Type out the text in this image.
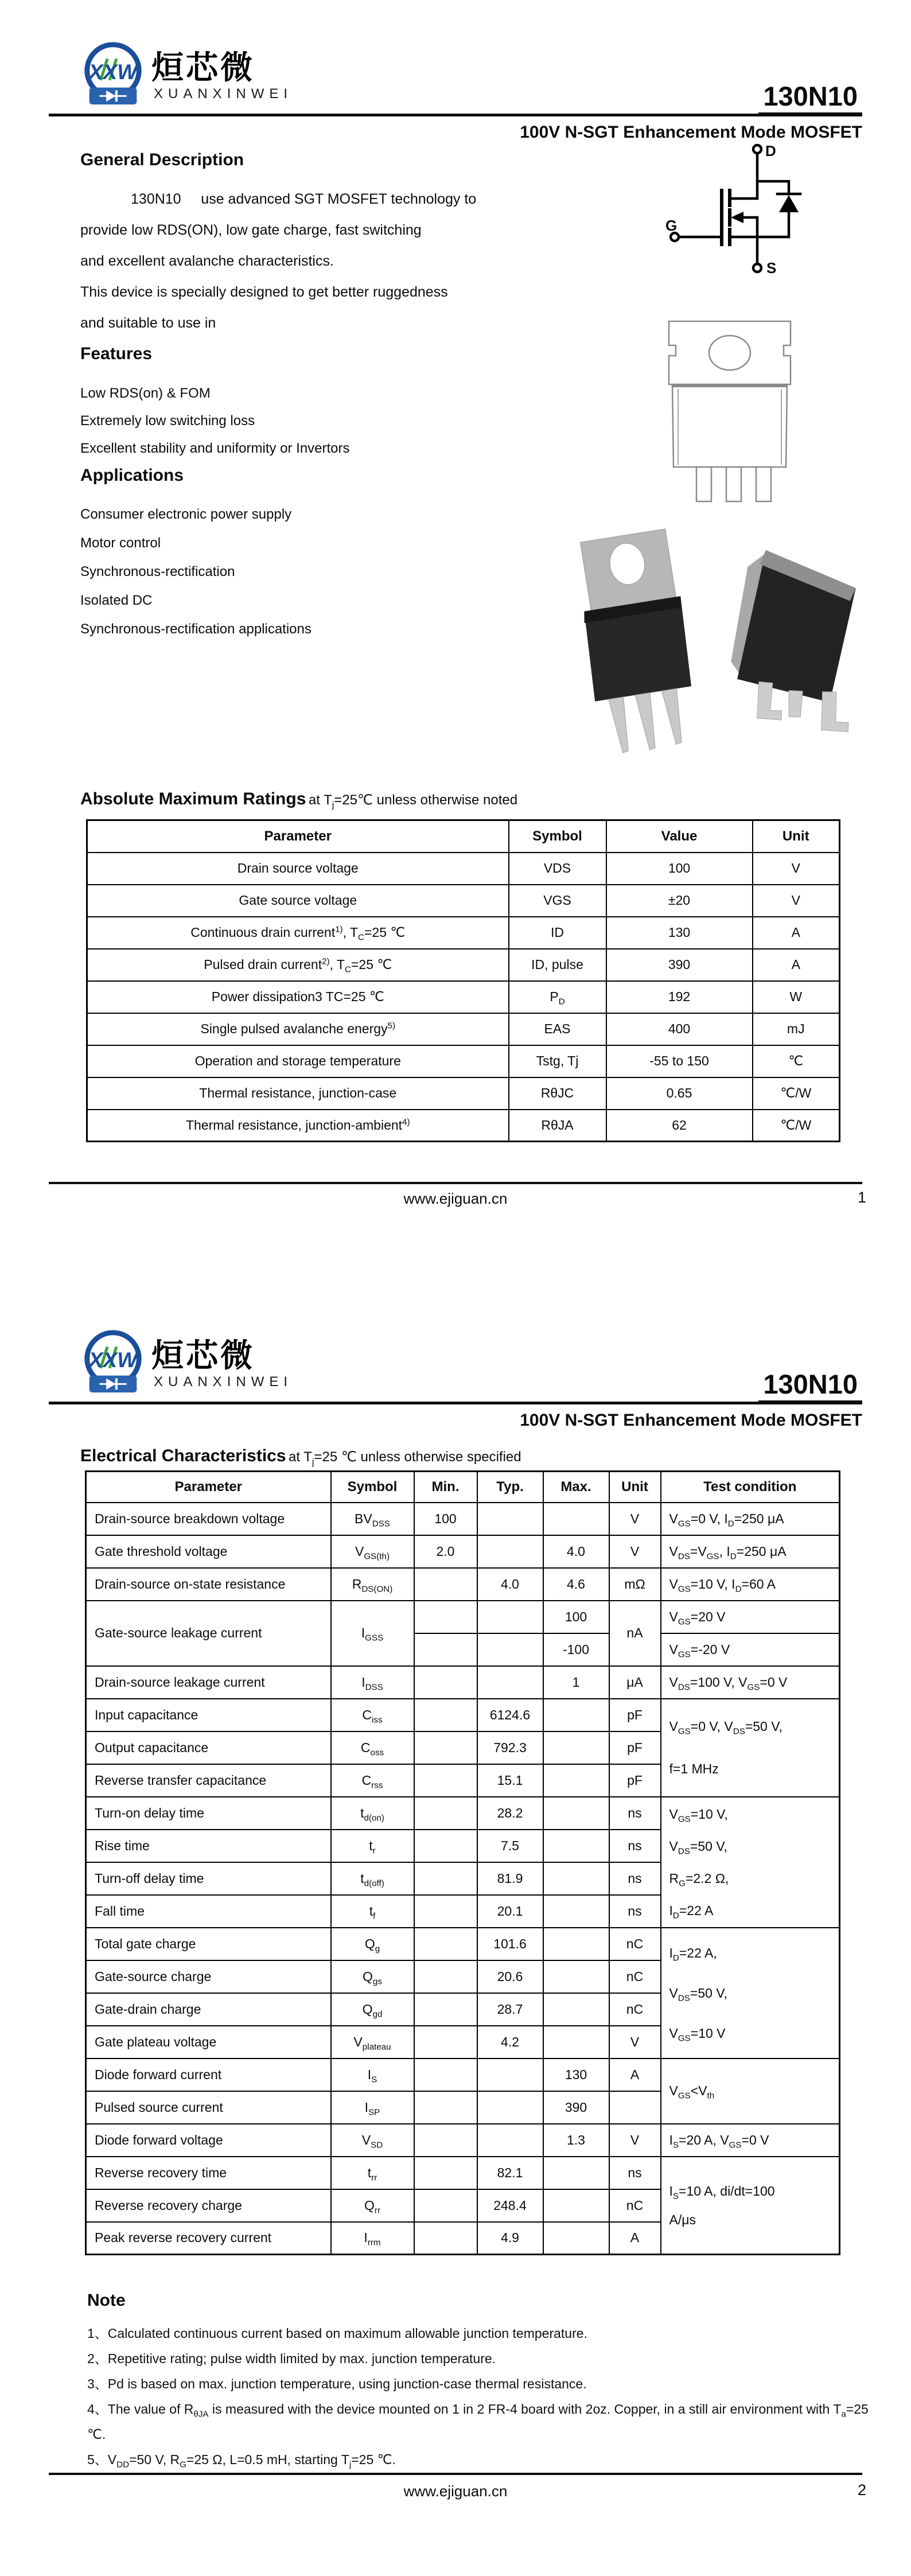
XXW 烜芯微
XUANXINWEI	130N10
100V N-SGT Enhancement Mode MOSFET
General Description
130N10     use advanced SGT MOSFET technology to
provide low RDS(ON), low gate charge, fast switching
and excellent avalanche characteristics.
This device is specially designed to get better ruggedness
and suitable to use in
Features
Low RDS(on) & FOM
Extremely low switching loss
Excellent stability and uniformity or Invertors
Applications
Consumer electronic power supply
Motor control
Synchronous-rectification
Isolated DC
Synchronous-rectification applications
D
G
S
Absolute Maximum Ratings at $T_j=25℃$ unless otherwise noted
Parameter	Symbol	Value	Unit
Drain source voltage	VDS	100	V
Gate source voltage	VGS	±20	V
Continuous drain current$^{1)}$, $T_C=25$ ℃	ID	130	A
Pulsed drain current$^{2)}$, $T_C=25$ ℃	ID, pulse	390	A
Power dissipation3 TC=25 ℃	$P_D$	192	W
Single pulsed avalanche energy$^{5)}$	EAS	400	mJ
Operation and storage temperature	Tstg, Tj	-55 to 150	℃
Thermal resistance, junction-case	RθJC	0.65	℃/W
Thermal resistance, junction-ambient$^{4)}$	RθJA	62	℃/W
www.ejiguan.cn	1
XXW 烜芯微
XUANXINWEI	130N10
100V N-SGT Enhancement Mode MOSFET
Electrical Characteristics at $T_j=25$ ℃ unless otherwise specified
Parameter	Symbol	Min.	Typ.	Max.	Unit	Test condition
Drain-source breakdown voltage	$BV_{DSS}$	100			V	$V_{GS}=0$ V, $I_D=250$ μA
Gate threshold voltage	$V_{GS(th)}$	2.0		4.0	V	$V_{DS}=V_{GS}$, $I_D=250$ μA
Drain-source on-state resistance	$R_{DS(ON)}$		4.0	4.6	mΩ	$V_{GS}=10$ V, $I_D=60$ A
Gate-source leakage current	$I_{GSS}$			100	nA	$V_{GS}=20$ V
				-100		$V_{GS}=-20$ V
Drain-source leakage current	$I_{DSS}$			1	μA	$V_{DS}=100$ V, $V_{GS}=0$ V
Input capacitance	$C_{iss}$		6124.6		pF	$V_{GS}=0$ V, $V_{DS}=50$ V,
f=1 MHz
Output capacitance	$C_{oss}$		792.3		pF	
Reverse transfer capacitance	$C_{rss}$		15.1		pF	
Turn-on delay time	$t_{d(on)}$		28.2		ns	$V_{GS}=10$ V,
$V_{DS}=50$ V,
$R_G=2.2$ Ω,
$I_D=22$ A
Rise time	$t_r$		7.5		ns	
Turn-off delay time	$t_{d(off)}$		81.9		ns	
Fall time	$t_f$		20.1		ns	
Total gate charge	$Q_g$		101.6		nC	$I_D=22$ A,
$V_{DS}=50$ V,
$V_{GS}=10$ V
Gate-source charge	$Q_{gs}$		20.6		nC	
Gate-drain charge	$Q_{gd}$		28.7		nC	
Gate plateau voltage	$V_{plateau}$		4.2		V	
Diode forward current	$I_S$			130	A	$V_{GS}<V_{th}$
Pulsed source current	$I_{SP}$			390		
Diode forward voltage	$V_{SD}$			1.3	V	$I_S=20$ A, $V_{GS}=0$ V
Reverse recovery time	$t_{rr}$		82.1		ns	$I_S=10$ A, di/dt=100
A/μs
Reverse recovery charge	$Q_{rr}$		248.4		nC	
Peak reverse recovery current	$I_{rrm}$		4.9		A	
Note
1、Calculated continuous current based on maximum allowable junction temperature.
2、Repetitive rating; pulse width limited by max. junction temperature.
3、Pd is based on max. junction temperature, using junction-case thermal resistance.
4、The value of $R_{\theta JA}$ is measured with the device mounted on 1 in 2 FR-4 board with 2oz. Copper, in a still air environment with $T_a=25$ ℃.
5、$V_{DD}=50$ V, $R_G=25$ Ω, L=0.5 mH, starting $T_j=25$ ℃.
www.ejiguan.cn	2
